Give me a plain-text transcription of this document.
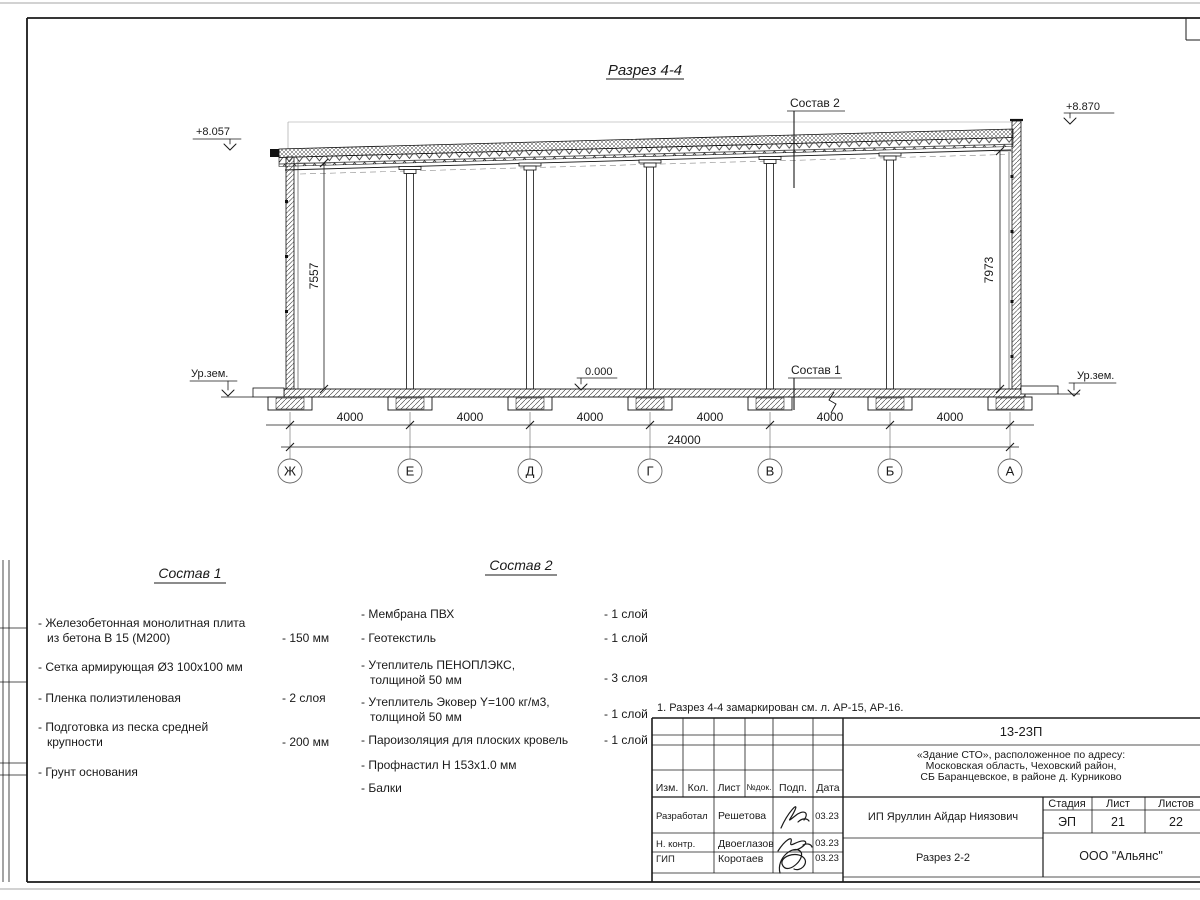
Разрез 4-4
+8.057
+8.870
0.000
Ур.зем.	Ур.зем.
Состав 2
Состав 1
7557	7973
4000	4000	4000	4000	4000	4000
24000
Ж	Е	Д	Г	В	Б	А
Состав 1
- Железобетонная монолитная плита
из бетона В 15 (М200)	- 150 мм
- Сетка армирующая Ø3 100х100 мм
- Пленка полиэтиленовая	- 2 слоя
- Подготовка из песка средней
крупности	- 200 мм
- Грунт основания
Состав 2
- Мембрана ПВХ	- 1 слой
- Геотекстиль	- 1 слой
- Утеплитель ПЕНОПЛЭКС,
толщиной 50 мм	- 3 слоя
- Утеплитель Эковер Y=100 кг/м3,
толщиной 50 мм	- 1 слой
- Пароизоляция для плоских кровель	- 1 слой
- Профнастил Н 153х1.0 мм
- Балки
1. Разрез 4-4 замаркирован см. л. АР-15, АР-16.
13-23П
«Здание СТО», расположенное по адресу:
Московская область, Чеховский район,
СБ Баранцевское, в районе д. Курниково
Изм. Кол. Лист №док. Подп. Дата
Разработал Решетова	03.23
Н. контр. Двоеглазов	03.23
ГИП	Коротаев	03.23
ИП Яруллин Айдар Ниязович
Разрез 2-2
Стадия Лист	Листов
ЭП	21	22
ООО "Альянс"
